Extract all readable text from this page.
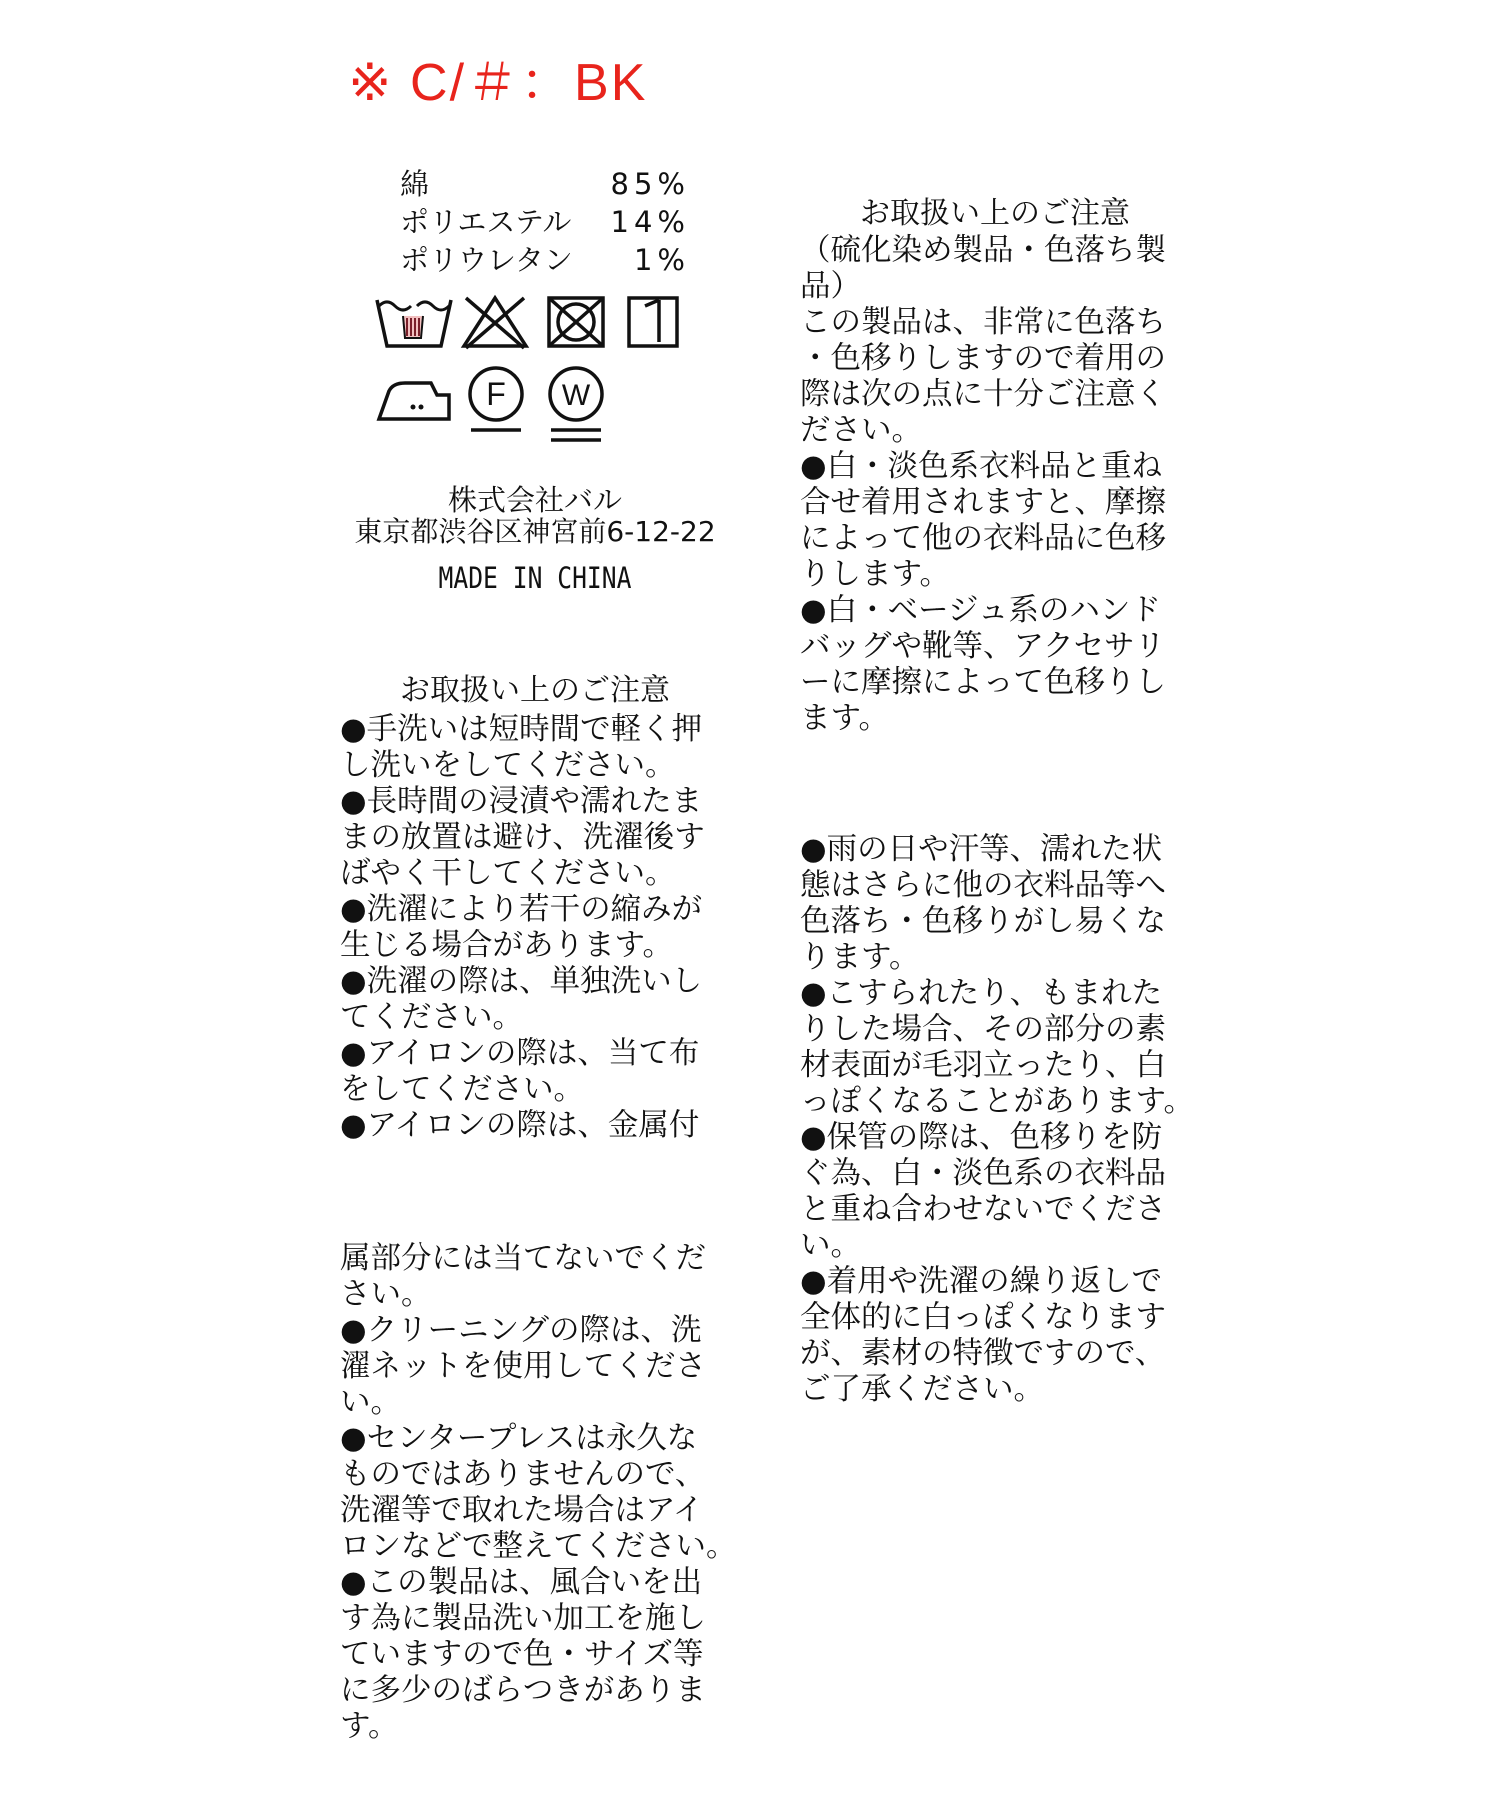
※ C/＃：BK
綿	85%
ポリエステル 14%
ポリウレタン 1%
F W
株式会社バル
東京都渋谷区神宮前6-12-22
MADE IN CHINA
お取扱い上のご注意

●手洗いは短時間で軽く押
し洗いをしてください。
●長時間の浸漬や濡れたま
まの放置は避け、洗濯後す
ばやく干してください。
●洗濯により若干の縮みが
生じる場合があります。
●洗濯の際は、単独洗いし
てください。
●アイロンの際は、当て布
をしてください。
●アイロンの際は、金属付

属部分には当てないでくだ
さい。
●クリーニングの際は、洗
濯ネットを使用してくださ
い。
●センタープレスは永久な
ものではありませんので、
洗濯等で取れた場合はアイ
ロンなどで整えてください。
●この製品は、風合いを出
す為に製品洗い加工を施し
ていますので色・サイズ等
に多少のばらつきがありま
す。

お取扱い上のご注意

（硫化染め製品・色落ち製
品）
この製品は、非常に色落ち
・色移りしますので着用の
際は次の点に十分ご注意く
ださい。
●白・淡色系衣料品と重ね
合せ着用されますと、摩擦
によって他の衣料品に色移
りします。
●白・ベージュ系のハンド
バッグや靴等、アクセサリ
ーに摩擦によって色移りし
ます。

●雨の日や汗等、濡れた状
態はさらに他の衣料品等へ
色落ち・色移りがし易くな
ります。
●こすられたり、もまれた
りした場合、その部分の素
材表面が毛羽立ったり、白
っぽくなることがあります。
●保管の際は、色移りを防
ぐ為、白・淡色系の衣料品
と重ね合わせないでくださ
い。
●着用や洗濯の繰り返しで
全体的に白っぽくなります
が、素材の特徴ですので、
ご了承ください。
